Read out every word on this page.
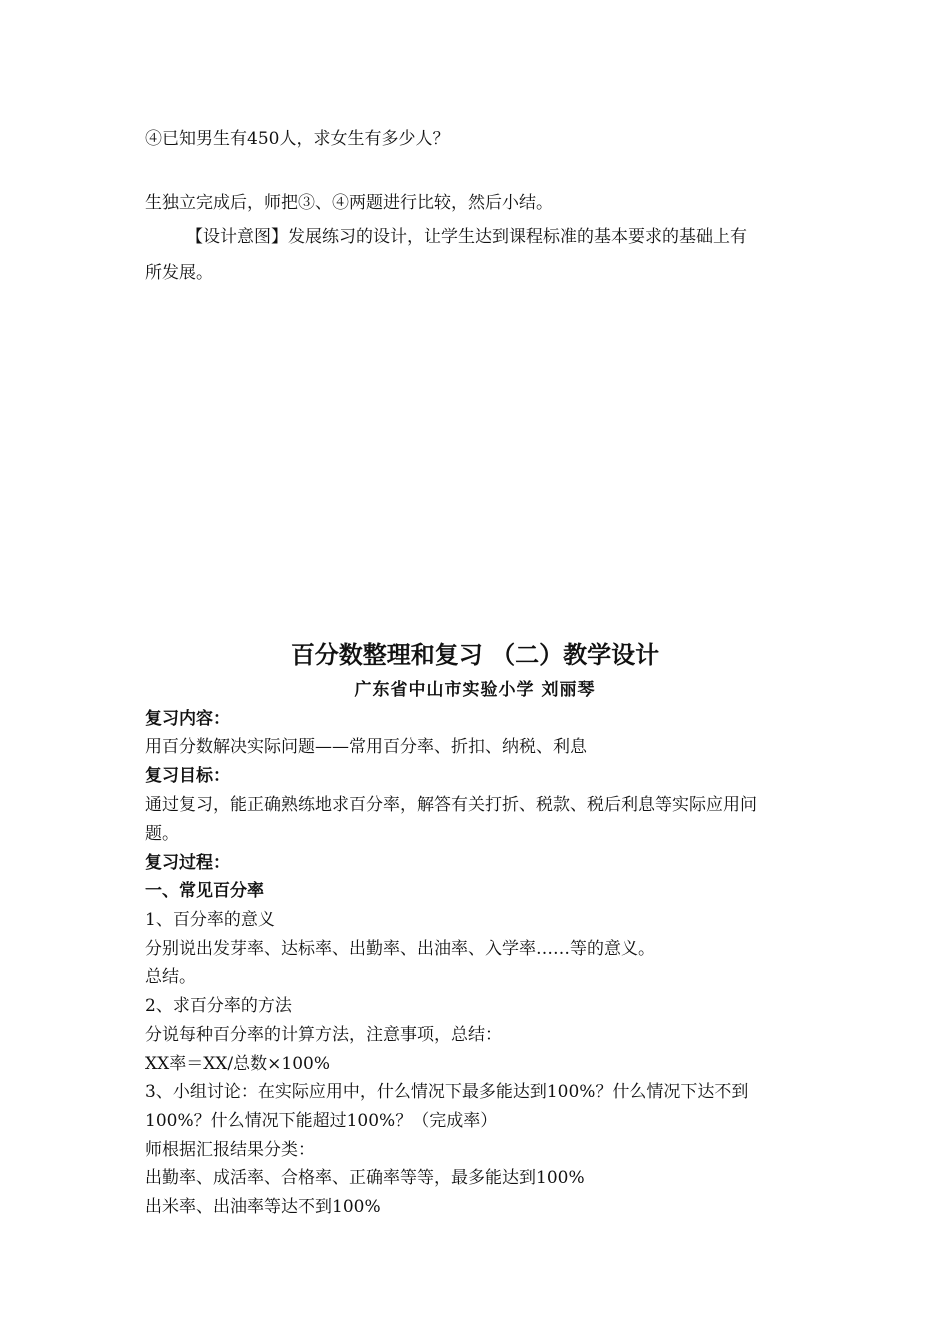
④已知男生有450人，求女生有多少人？
生独立完成后，师把③、④两题进行比较，然后小结。
【设计意图】发展练习的设计，让学生达到课程标准的基本要求的基础上有
所发展。
百分数整理和复习 （二）教学设计
广东省中山市实验小学 刘丽琴
复习内容：
用百分数解决实际问题——常用百分率、折扣、纳税、利息
复习目标：
通过复习，能正确熟练地求百分率，解答有关打折、税款、税后利息等实际应用问
题。
复习过程：
一、常见百分率
1、百分率的意义
分别说出发芽率、达标率、出勤率、出油率、入学率……等的意义。
总结。
2、求百分率的方法
分说每种百分率的计算方法，注意事项，总结：
XX率＝XX/总数×100%
3、小组讨论：在实际应用中，什么情况下最多能达到100%？什么情况下达不到
100%？什么情况下能超过100%？（完成率）
师根据汇报结果分类：
出勤率、成活率、合格率、正确率等等，最多能达到100%
出米率、出油率等达不到100%
